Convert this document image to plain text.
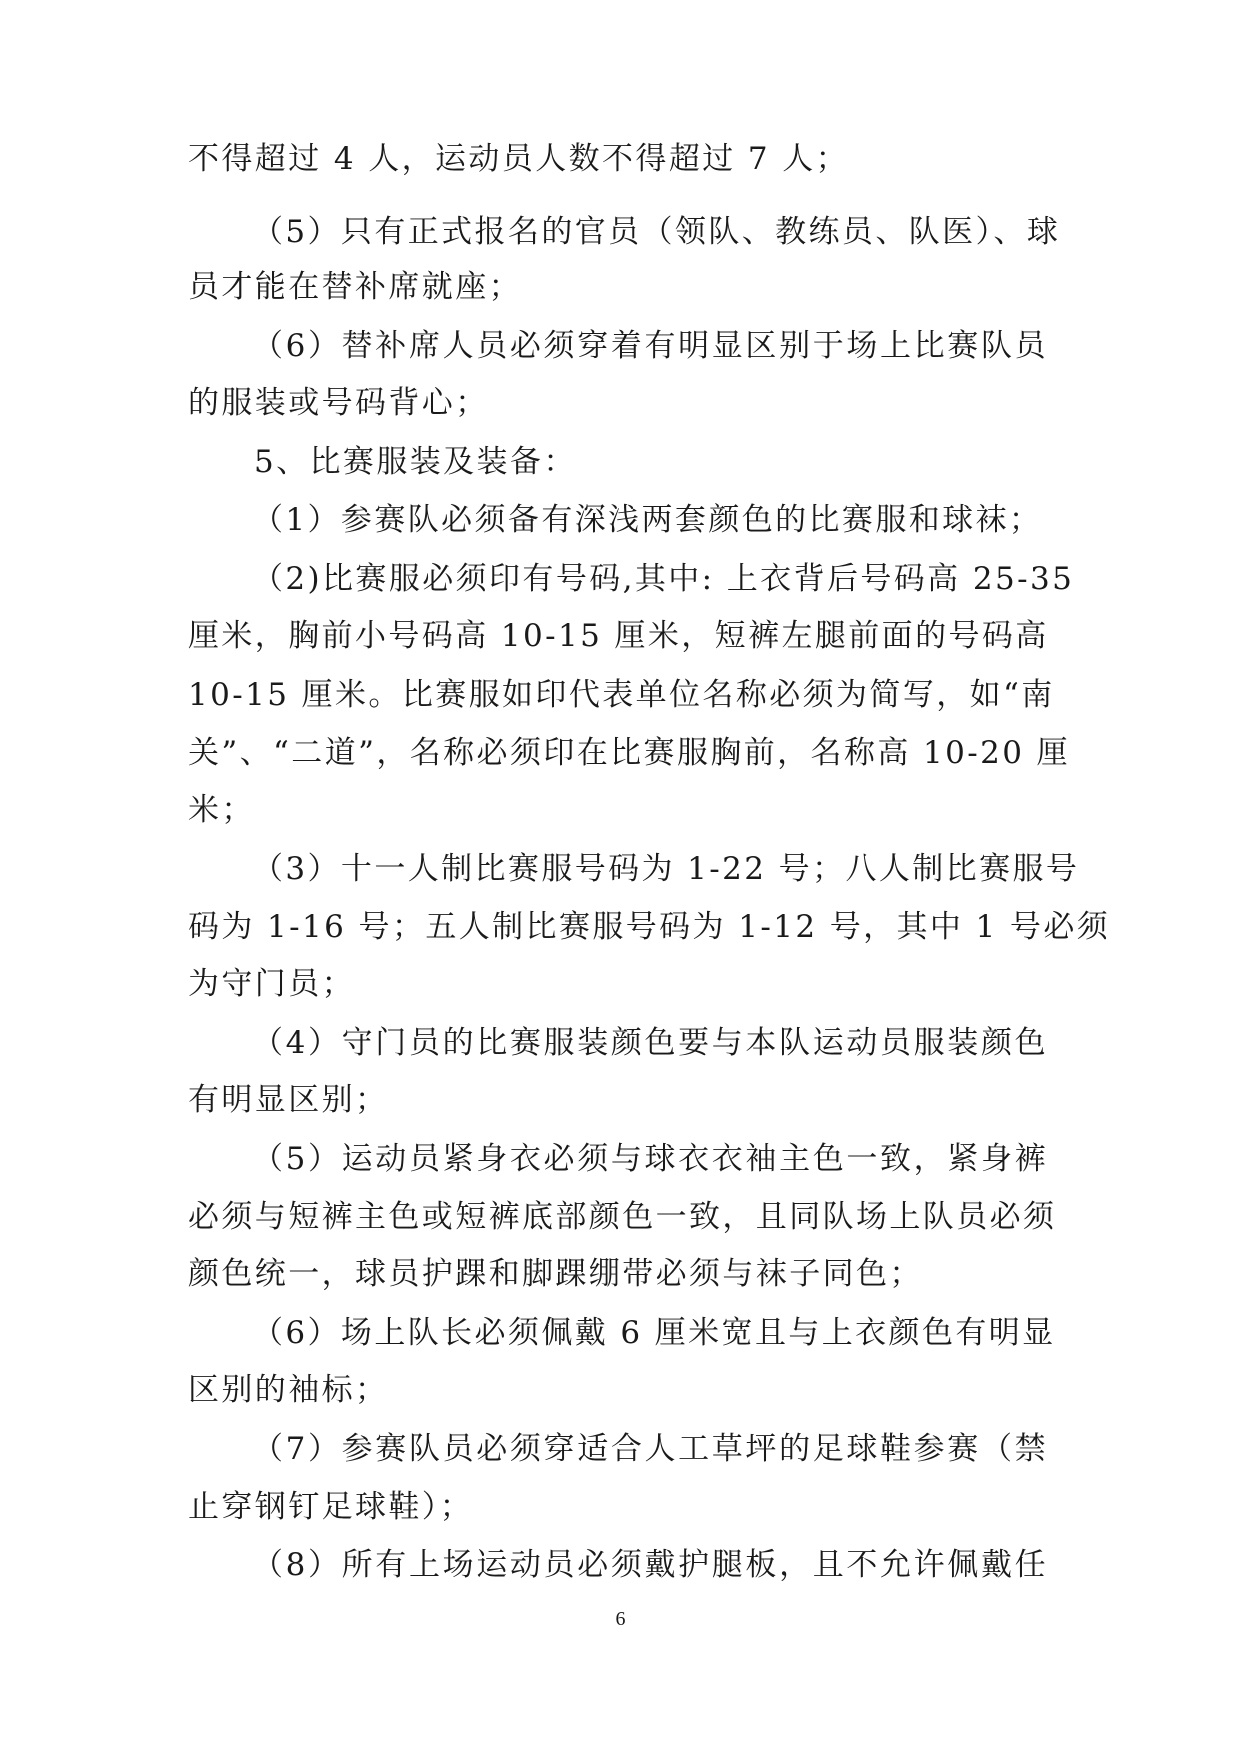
不得超过 4 人，运动员人数不得超过 7 人；
（5）只有正式报名的官员（领队、教练员、队医）、球
员才能在替补席就座；
（6）替补席人员必须穿着有明显区别于场上比赛队员
的服装或号码背心；
5、比赛服装及装备：
（1）参赛队必须备有深浅两套颜色的比赛服和球袜；
（2)比赛服必须印有号码,其中: 上衣背后号码高 25-35
厘米，胸前小号码高 10-15 厘米，短裤左腿前面的号码高
10-15 厘米。比赛服如印代表单位名称必须为简写，如“南
关”、“二道”，名称必须印在比赛服胸前，名称高 10-20 厘
米；
（3）十一人制比赛服号码为 1-22 号；八人制比赛服号
码为 1-16 号；五人制比赛服号码为 1-12 号，其中 1 号必须
为守门员；
（4）守门员的比赛服装颜色要与本队运动员服装颜色
有明显区别；
（5）运动员紧身衣必须与球衣衣袖主色一致，紧身裤
必须与短裤主色或短裤底部颜色一致，且同队场上队员必须
颜色统一，球员护踝和脚踝绷带必须与袜子同色；
（6）场上队长必须佩戴 6 厘米宽且与上衣颜色有明显
区别的袖标；
（7）参赛队员必须穿适合人工草坪的足球鞋参赛（禁
止穿钢钉足球鞋）；
（8）所有上场运动员必须戴护腿板，且不允许佩戴任
6
